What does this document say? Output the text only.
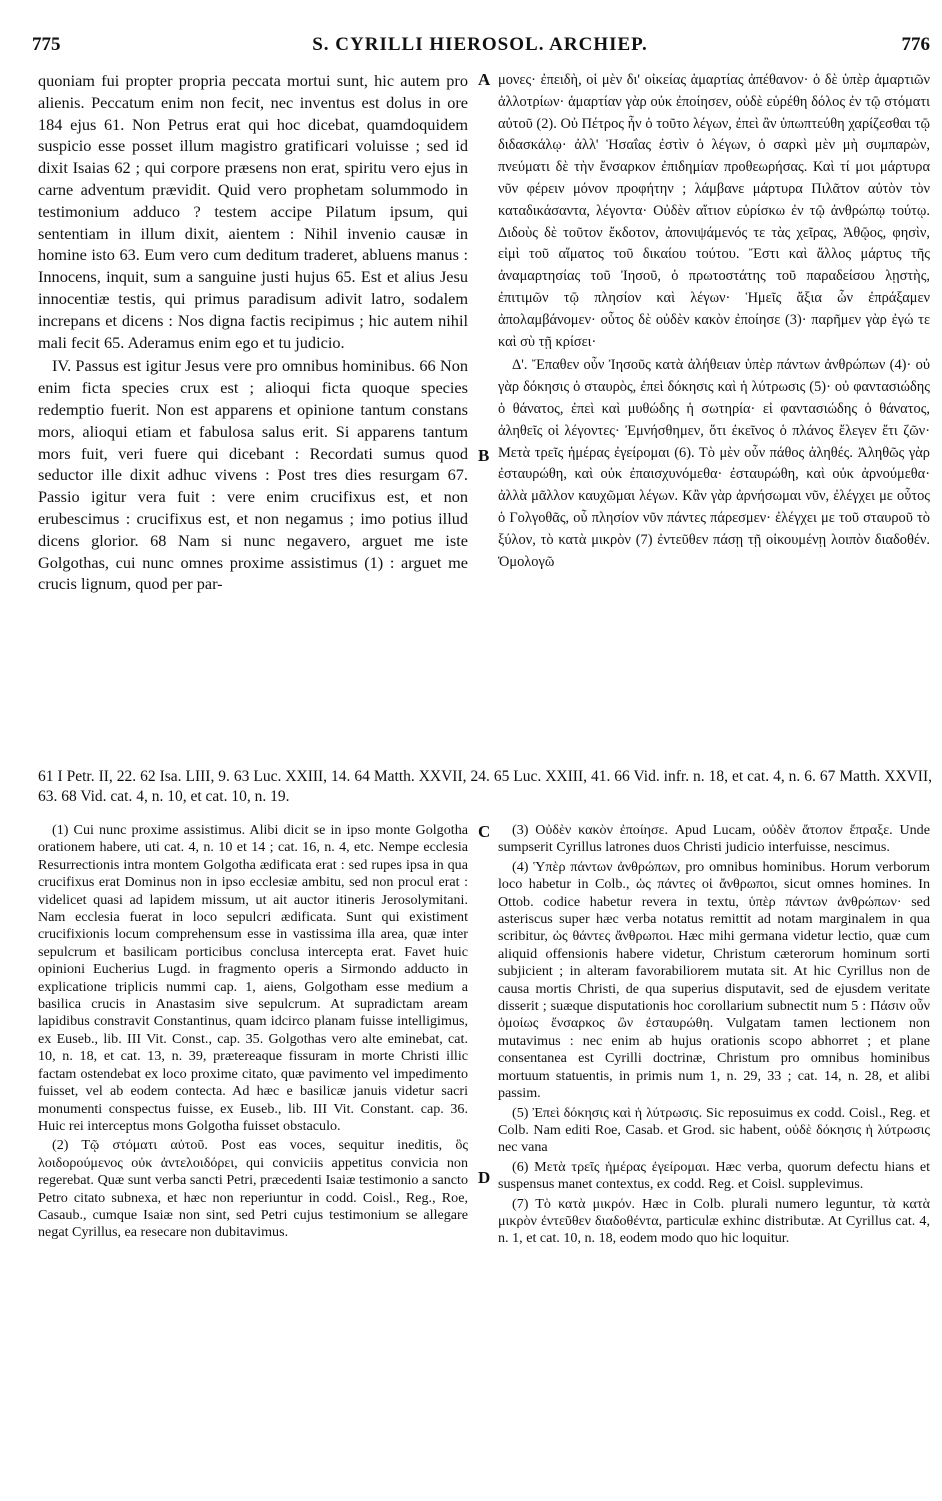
775	S. CYRILLI HIEROSOL. ARCHIEP.	776

quoniam fui propter propria peccata mortui sunt, hic autem pro alienis. Peccatum enim non fecit, nec inventus est dolus in ore 184 ejus 61. Non Petrus erat qui hoc dicebat, quamdoquidem suspicio esse posset illum magistro gratificari voluisse ; sed id dixit Isaias 62 ; qui corpore præsens non erat, spiritu vero ejus in carne adventum prævidit. Quid vero prophetam solummodo in testimonium adduco ? testem accipe Pilatum ipsum, qui sententiam in illum dixit, aientem : Nihil invenio causæ in homine isto 63. Eum vero cum deditum traderet, abluens manus : Innocens, inquit, sum a sanguine justi hujus 65. Est et alius Jesu innocentiæ testis, qui primus paradisum adivit latro, sodalem increpans et dicens : Nos digna factis recipimus ; hic autem nihil mali fecit 65. Aderamus enim ego et tu judicio.

IV. Passus est igitur Jesus vere pro omnibus hominibus. 66 Non enim ficta species crux est ; alioqui ficta quoque species redemptio fuerit. Non est apparens et opinione tantum constans mors, alioqui etiam et fabulosa salus erit. Si apparens tantum mors fuit, veri fuere qui dicebant : Recordati sumus quod seductor ille dixit adhuc vivens : Post tres dies resurgam 67. Passio igitur vera fuit : vere enim crucifixus est, et non erubescimus : crucifixus est, et non negamus ; imo potius illud dicens glorior. 68 Nam si nunc negavero, arguet me iste Golgothas, cui nunc omnes proxime assistimus (1) : arguet me crucis lignum, quod per par-

A
B
C
D

μονες· ἐπειδὴ, οἱ μὲν δι' οἰκείας ἁμαρτίας ἀπέθανον· ὁ δὲ ὑπὲρ ἁμαρτιῶν ἀλλοτρίων· ἁμαρτίαν γὰρ οὐκ ἐποίησεν, οὐδὲ εὑρέθη δόλος ἐν τῷ στόματι αὐτοῦ (2). Οὐ Πέτρος ἦν ὁ τοῦτο λέγων, ἐπεὶ ἂν ὑπωπτεύθη χαρίζεσθαι τῷ διδασκάλῳ· ἀλλ' Ἡσαΐας ἐστὶν ὁ λέγων, ὁ σαρκὶ μὲν μὴ συμπαρὼν, πνεύματι δὲ τὴν ἔνσαρκον ἐπιδημίαν προθεωρήσας. Καὶ τί μοι μάρτυρα νῦν φέρειν μόνον προφήτην ; λάμβανε μάρτυρα Πιλᾶτον αὐτὸν τὸν καταδικάσαντα, λέγοντα· Οὐδὲν αἴτιον εὑρίσκω ἐν τῷ ἀνθρώπῳ τούτῳ. Διδοὺς δὲ τοῦτον ἔκδοτον, ἀπονιψάμενός τε τὰς χεῖρας, Ἀθῷος, φησὶν, εἰμὶ τοῦ αἵματος τοῦ δικαίου τούτου. Ἔστι καὶ ἄλλος μάρτυς τῆς ἀναμαρτησίας τοῦ Ἰησοῦ, ὁ πρωτοστάτης τοῦ παραδείσου λῃστὴς, ἐπιτιμῶν τῷ πλησίον καὶ λέγων· Ἡμεῖς ἄξια ὧν ἐπράξαμεν ἀπολαμβάνομεν· οὗτος δὲ οὐδὲν κακὸν ἐποίησε (3)· παρῆμεν γὰρ ἐγώ τε καὶ σὺ τῇ κρίσει·

Δ'. Ἔπαθεν οὖν Ἰησοῦς κατὰ ἀλήθειαν ὑπὲρ πάντων ἀνθρώπων (4)· οὐ γὰρ δόκησις ὁ σταυρὸς, ἐπεὶ δόκησις καὶ ἡ λύτρωσις (5)· οὐ φαντασιώδης ὁ θάνατος, ἐπεὶ καὶ μυθώδης ἡ σωτηρία· εἰ φαντασιώδης ὁ θάνατος, ἀληθεῖς οἱ λέγοντες· Ἐμνήσθημεν, ὅτι ἐκεῖνος ὁ πλάνος ἔλεγεν ἔτι ζῶν· Μετὰ τρεῖς ἡμέρας ἐγείρομαι (6). Τὸ μὲν οὖν πάθος ἀληθές. Ἀληθῶς γὰρ ἐσταυρώθη, καὶ οὐκ ἐπαισχυνόμεθα· ἐσταυρώθη, καὶ οὐκ ἀρνούμεθα· ἀλλὰ μᾶλλον καυχῶμαι λέγων. Κἂν γὰρ ἀρνήσωμαι νῦν, ἐλέγχει με οὗτος ὁ Γολγοθᾶς, οὗ πλησίον νῦν πάντες πάρεσμεν· ἐλέγχει με τοῦ σταυροῦ τὸ ξύλον, τὸ κατὰ μικρὸν (7) ἐντεῦθεν πάσῃ τῇ οἰκουμένῃ λοιπὸν διαδοθέν. Ὁμολογῶ

61 I Petr. II, 22. 62 Isa. LIII, 9. 63 Luc. XXIII, 14. 64 Matth. XXVII, 24. 65 Luc. XXIII, 41. 66 Vid. infr. n. 18, et cat. 4, n. 6. 67 Matth. XXVII, 63. 68 Vid. cat. 4, n. 10, et cat. 10, n. 19.

(1) Cui nunc proxime assistimus. Alibi dicit se in ipso monte Golgotha orationem habere, uti cat. 4, n. 10 et 14 ; cat. 16, n. 4, etc. Nempe ecclesia Resurrectionis intra montem Golgotha ædificata erat : sed rupes ipsa in qua crucifixus erat Dominus non in ipso ecclesiæ ambitu, sed non procul erat : videlicet quasi ad lapidem missum, ut ait auctor itineris Jerosolymitani. Nam ecclesia fuerat in loco sepulcri ædificata. Sunt qui existiment crucifixionis locum comprehensum esse in vastissima illa area, quæ inter sepulcrum et basilicam porticibus conclusa intercepta erat. Favet huic opinioni Eucherius Lugd. in fragmento operis a Sirmondo adducto in explicatione triplicis nummi cap. 1, aiens, Golgotham esse medium a basilica crucis in Anastasim sive sepulcrum. At supradictam aream lapidibus constravit Constantinus, quam idcirco planam fuisse intelligimus, ex Euseb., lib. III Vit. Const., cap. 35. Golgothas vero alte eminebat, cat. 10, n. 18, et cat. 13, n. 39, prætereaque fissuram in morte Christi illic factam ostendebat ex loco proxime citato, quæ pavimento vel impedimento fuisset, vel ab eodem contecta. Ad hæc e basilicæ januis videtur sacri monumenti conspectus fuisse, ex Euseb., lib. III Vit. Constant. cap. 36. Huic rei interceptus mons Golgotha fuisset obstaculo.

(2) Τῷ στόματι αὐτοῦ. Post eas voces, sequitur ineditis, ὃς λοιδορούμενος οὐκ ἀντελοιδόρει, qui conviciis appetitus convicia non regerebat. Quæ sunt verba sancti Petri, præcedenti Isaiæ testimonio a sancto Petro citato subnexa, et hæc non reperiuntur in codd. Coisl., Reg., Roe, Casaub., cumque Isaiæ non sint, sed Petri cujus testimonium se allegare negat Cyrillus, ea resecare non dubitavimus.

(3) Οὐδὲν κακὸν ἐποίησε. Apud Lucam, οὐδὲν ἄτοπον ἔπραξε. Unde sumpserit Cyrillus latrones duos Christi judicio interfuisse, nescimus.

(4) Ὑπὲρ πάντων ἀνθρώπων, pro omnibus hominibus. Horum verborum loco habetur in Colb., ὡς πάντες οἱ ἄνθρωποι, sicut omnes homines. In Ottob. codice habetur revera in textu, ὑπὲρ πάντων ἀνθρώπων· sed asteriscus super hæc verba notatus remittit ad notam marginalem in qua scribitur, ὡς θάντες ἄνθρωποι. Hæc mihi germana videtur lectio, quæ cum aliquid offensionis habere videtur, Christum cæterorum hominum sorti subjicient ; in alteram favorabiliorem mutata sit. At hic Cyrillus non de causa mortis Christi, de qua superius disputavit, sed de ejusdem veritate disserit ; suæque disputationis hoc corollarium subnectit num 5 : Πάσιν οὖν ὁμοίως ἔνσαρκος ὢν ἐσταυρώθη. Vulgatam tamen lectionem non mutavimus : nec enim ab hujus orationis scopo abhorret ; et plane consentanea est Cyrilli doctrinæ, Christum pro omnibus hominibus mortuum statuentis, in primis num 1, n. 29, 33 ; cat. 14, n. 28, et alibi passim.

(5) Ἐπεὶ δόκησις καὶ ἡ λύτρωσις. Sic reposuimus ex codd. Coisl., Reg. et Colb. Nam editi Roe, Casab. et Grod. sic habent, οὐδὲ δόκησις ἡ λύτρωσις nec vana

(6) Μετὰ τρεῖς ἡμέρας ἐγείρομαι. Hæc verba, quorum defectu hians et suspensus manet contextus, ex codd. Reg. et Coisl. supplevimus.

(7) Τὸ κατὰ μικρόν. Hæc in Colb. plurali numero leguntur, τὰ κατὰ μικρὸν ἐντεῦθεν διαδοθέντα, particulæ exhinc distributæ. At Cyrillus cat. 4, n. 1, et cat. 10, n. 18, eodem modo quo hic loquitur.
